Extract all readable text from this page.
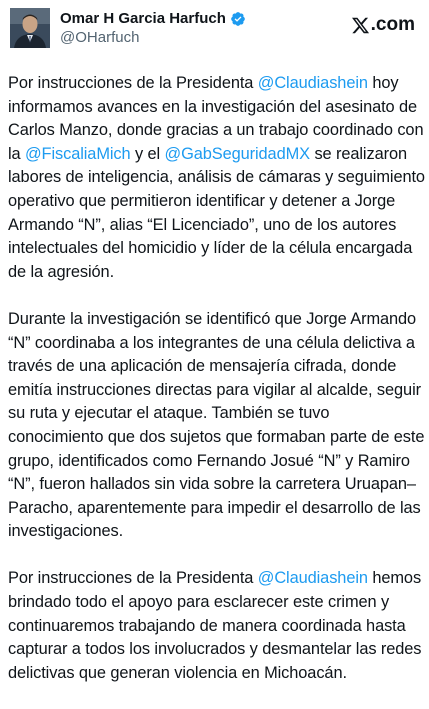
Omar H Garcia Harfuch
@OHarfuch
.com

Por instrucciones de la Presidenta @Claudiashein hoy informamos avances en la investigación del asesinato de Carlos Manzo, donde gracias a un trabajo coordinado con la @FiscaliaMich y el @GabSeguridadMX se realizaron labores de inteligencia, análisis de cámaras y seguimiento operativo que permitieron identificar y detener a Jorge Armando “N”, alias “El Licenciado”, uno de los autores intelectuales del homicidio y líder de la célula encargada de la agresión.

Durante la investigación se identificó que Jorge Armando “N” coordinaba a los integrantes de una célula delictiva a través de una aplicación de mensajería cifrada, donde emitía instrucciones directas para vigilar al alcalde, seguir su ruta y ejecutar el ataque. También se tuvo conocimiento que dos sujetos que formaban parte de este grupo, identificados como Fernando Josué “N” y Ramiro “N”, fueron hallados sin vida sobre la carretera Uruapan–Paracho, aparentemente para impedir el desarrollo de las investigaciones.

Por instrucciones de la Presidenta @Claudiashein hemos brindado todo el apoyo para esclarecer este crimen y continuaremos trabajando de manera coordinada hasta capturar a todos los involucrados y desmantelar las redes delictivas que generan violencia en Michoacán.
